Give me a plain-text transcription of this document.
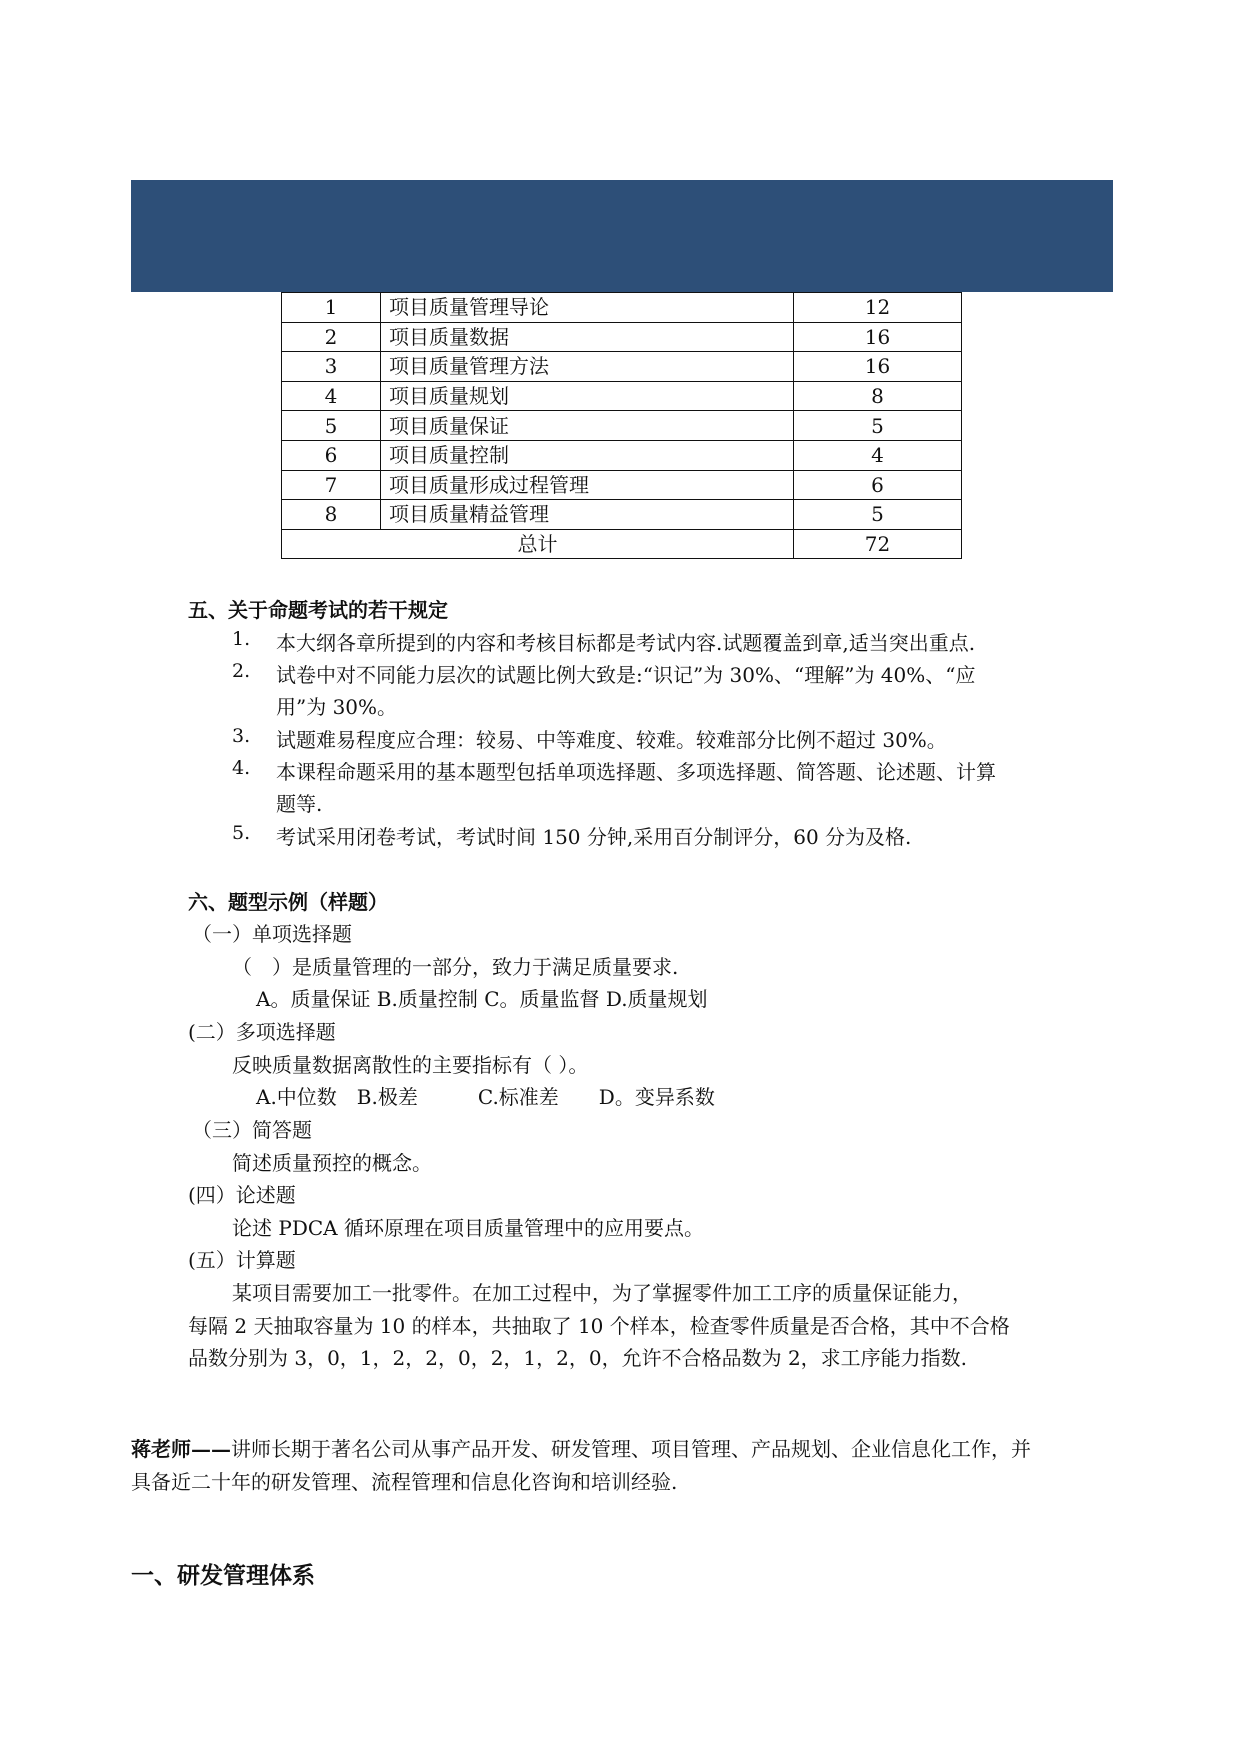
1	项目质量管理导论	12
2	项目质量数据	16
3	项目质量管理方法	16
4	项目质量规划	8
5	项目质量保证	5
6	项目质量控制	4
7	项目质量形成过程管理	6
8	项目质量精益管理	5
总计		72
五、关于命题考试的若干规定
1. 本大纲各章所提到的内容和考核目标都是考试内容.试题覆盖到章,适当突出重点.
2. 试卷中对不同能力层次的试题比例大致是:“识记”为 30%、“理解”为 40%、“应
用”为 30%。
3. 试题难易程度应合理：较易、中等难度、较难。较难部分比例不超过 30%。
4. 本课程命题采用的基本题型包括单项选择题、多项选择题、简答题、论述题、计算
题等.
5. 考试采用闭卷考试，考试时间 150 分钟,采用百分制评分，60 分为及格.
六、题型示例（样题）
（一）单项选择题
（　）是质量管理的一部分，致力于满足质量要求.
A。质量保证 B.质量控制 C。质量监督 D.质量规划
(二）多项选择题
反映质量数据离散性的主要指标有（ ）。
A.中位数　B.极差　　　C.标准差　　D。变异系数
（三）简答题
简述质量预控的概念。
(四）论述题
论述 PDCA 循环原理在项目质量管理中的应用要点。
(五）计算题
某项目需要加工一批零件。在加工过程中，为了掌握零件加工工序的质量保证能力，
每隔 2 天抽取容量为 10 的样本，共抽取了 10 个样本，检查零件质量是否合格，其中不合格
品数分别为 3，0，1，2，2，0，2，1，2，0，允许不合格品数为 2，求工序能力指数.
蒋老师——讲师长期于著名公司从事产品开发、研发管理、项目管理、产品规划、企业信息化工作，并
具备近二十年的研发管理、流程管理和信息化咨询和培训经验.
一、研发管理体系
